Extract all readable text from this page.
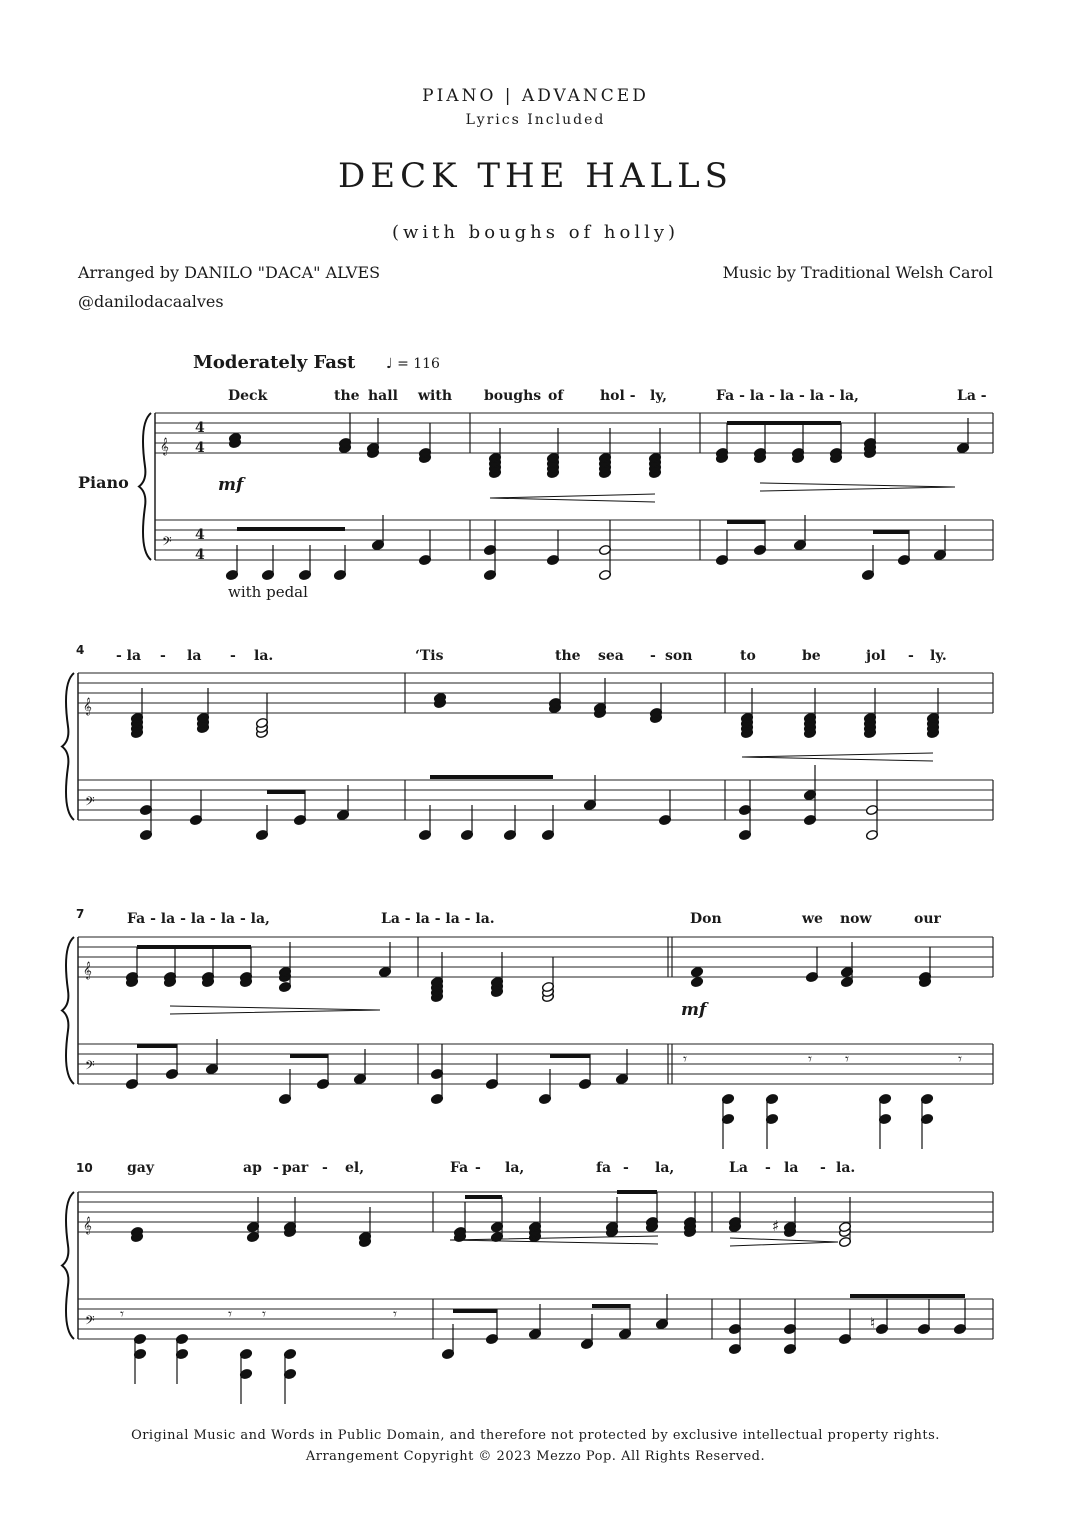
PIANO | ADVANCED
Lyrics Included
DECK THE HALLS
(with boughs of holly)
Arranged by DANILO "DACA" ALVES
@danilodacaalves
Music by Traditional Welsh Carol
Moderately Fast ♩ = 116
Piano
𝄞
𝄢
4
4
4
4
𝄞
𝄢
𝄞
𝄢
𝄞
𝄢
♯
♮
𝄾	𝄾 𝄾	𝄾
𝄾	𝄾 𝄾	𝄾
mf
mf
with pedal
4
7
10
Deck	the hall with boughs of	hol - ly,	Fa - la - la - la - la,	La -
- la - la - la.	‘Tis	the sea - son	to	be	jol - ly.
Fa - la - la - la - la,	La - la - la - la.	Don	we now	our
gay	ap - par - el,	Fa - la,	fa - la,	La - la - la.
Original Music and Words in Public Domain, and therefore not protected by exclusive intellectual property rights.
Arrangement Copyright © 2023 Mezzo Pop. All Rights Reserved.
